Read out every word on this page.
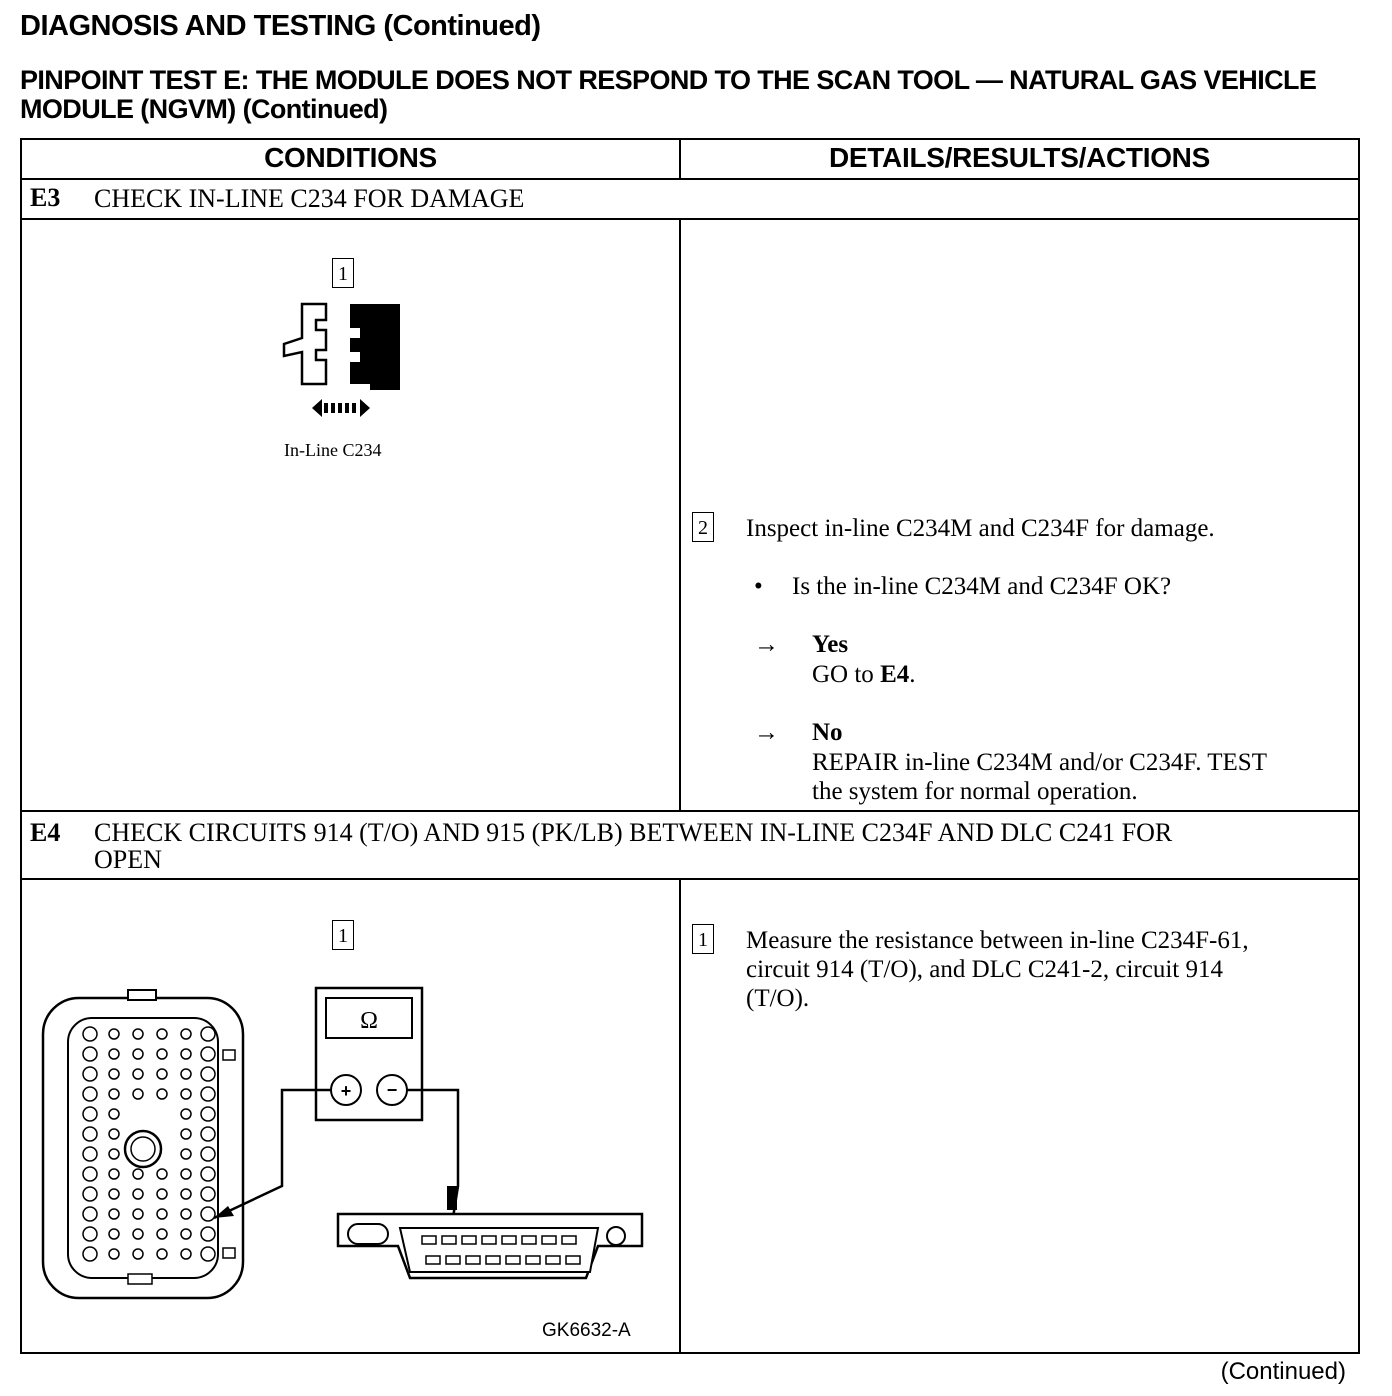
DIAGNOSIS AND TESTING (Continued)
PINPOINT TEST E: THE MODULE DOES NOT RESPOND TO THE SCAN TOOL — NATURAL GAS VEHICLE MODULE (NGVM) (Continued)
CONDITIONS	DETAILS/RESULTS/ACTIONS
E3 CHECK IN-LINE C234 FOR DAMAGE
1
In-Line C234
2 Inspect in-line C234M and C234F for damage.
• Is the in-line C234M and C234F OK?
→ Yes
GO to E4.
→ No
REPAIR in-line C234M and/or C234F. TEST
the system for normal operation.
E4 CHECK CIRCUITS 914 (T/O) AND 915 (PK/LB) BETWEEN IN-LINE C234F AND DLC C241 FOR
OPEN
1
Ω
+ −
GK6632-A
1 Measure the resistance between in-line C234F-61,
circuit 914 (T/O), and DLC C241-2, circuit 914
(T/O).
(Continued)
